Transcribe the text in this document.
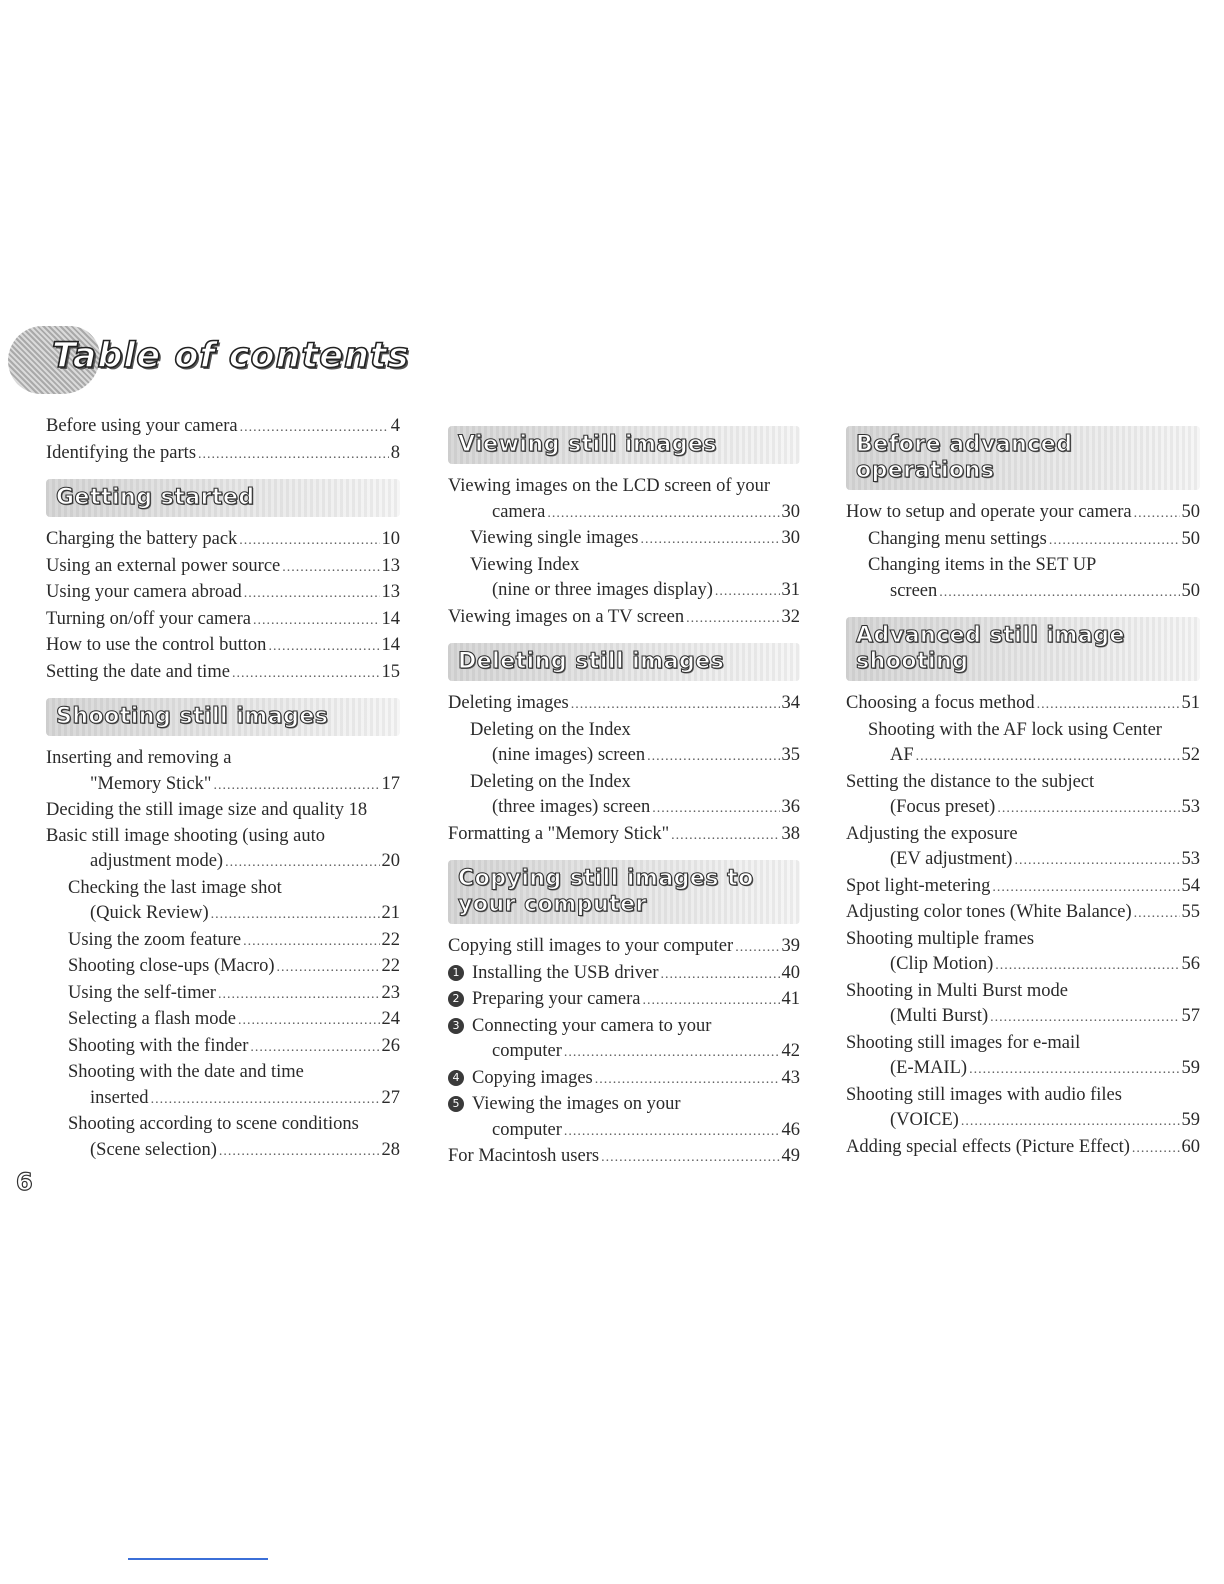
Table of contents
Before using your camera .....	4
Identifying the parts .....	8
Getting started
Charging the battery pack .....	10
Using an external power source .....	13
Using your camera abroad .....	13
Turning on/off your camera .....	14
How to use the control button .....	14
Setting the date and time .....	15
Shooting still images
Inserting and removing a
"Memory Stick" .....	17
Deciding the still image size and quality 18
Basic still image shooting (using auto
adjustment mode) .....	20
Checking the last image shot
(Quick Review) .....	21
Using the zoom feature .....	22
Shooting close-ups (Macro) .....	22
Using the self-timer .....	23
Selecting a flash mode .....	24
Shooting with the finder .....	26
Shooting with the date and time
inserted .....	27
Shooting according to scene conditions
(Scene selection) .....	28
Viewing still images
Viewing images on the LCD screen of your
camera .....	30
Viewing single images .....	30
Viewing Index
(nine or three images display) .....	31
Viewing images on a TV screen .....	32
Deleting still images
Deleting images .....	34
Deleting on the Index
(nine images) screen .....	35
Deleting on the Index
(three images) screen .....	36
Formatting a "Memory Stick" .....	38
Copying still images to your computer
Copying still images to your computer .....	39
1 Installing the USB driver .....	40
2 Preparing your camera .....	41
3 Connecting your camera to your
computer .....	42
4 Copying images .....	43
5 Viewing the images on your
computer .....	46
For Macintosh users .....	49
Before advanced operations
How to setup and operate your camera .....	50
Changing menu settings .....	50
Changing items in the SET UP
screen .....	50
Advanced still image shooting
Choosing a focus method .....	51
Shooting with the AF lock using Center
AF .....	52
Setting the distance to the subject
(Focus preset) .....	53
Adjusting the exposure
(EV adjustment) .....	53
Spot light-metering .....	54
Adjusting color tones (White Balance) .....	55
Shooting multiple frames
(Clip Motion) .....	56
Shooting in Multi Burst mode
(Multi Burst) .....	57
Shooting still images for e-mail
(E-MAIL) .....	59
Shooting still images with audio files
(VOICE) .....	59
Adding special effects (Picture Effect) .....	60
6
